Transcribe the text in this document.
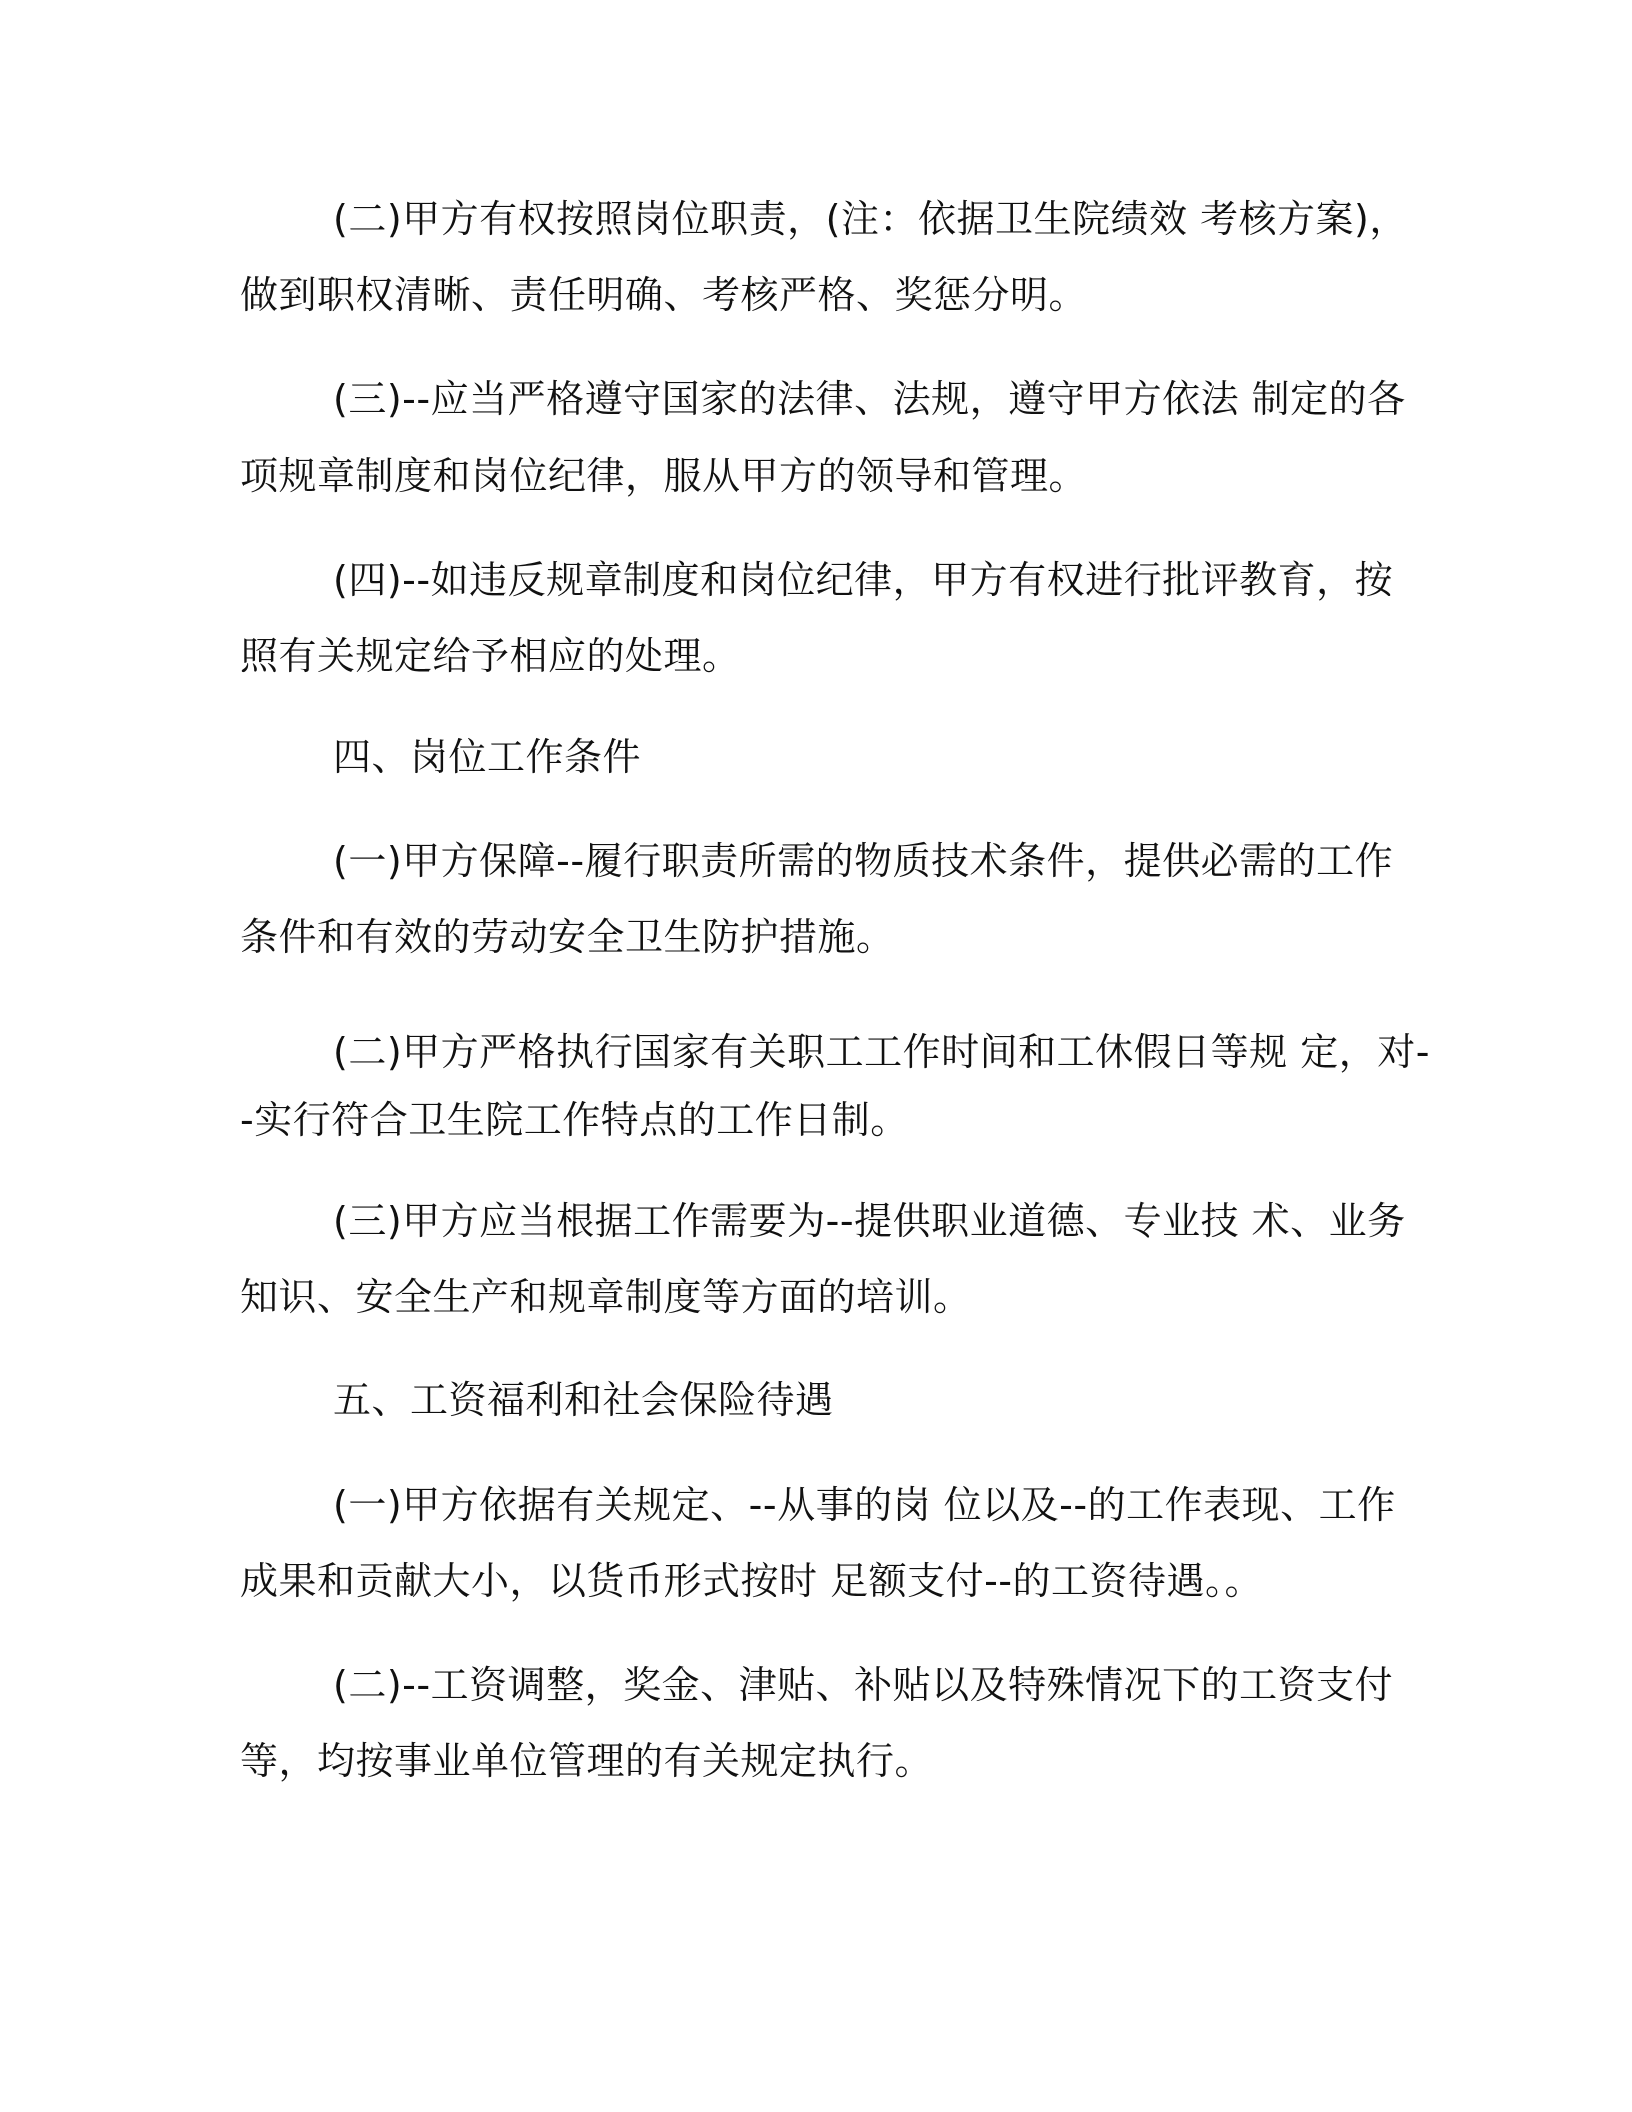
(二)甲方有权按照岗位职责，(注：依据卫生院绩效 考核方案)，
做到职权清晰、责任明确、考核严格、奖惩分明。
(三)--应当严格遵守国家的法律、法规，遵守甲方依法 制定的各
项规章制度和岗位纪律，服从甲方的领导和管理。
(四)--如违反规章制度和岗位纪律，甲方有权进行批评教育，按
照有关规定给予相应的处理。
四、岗位工作条件
(一)甲方保障--履行职责所需的物质技术条件，提供必需的工作
条件和有效的劳动安全卫生防护措施。
(二)甲方严格执行国家有关职工工作时间和工休假日等规 定，对-
-实行符合卫生院工作特点的工作日制。
(三)甲方应当根据工作需要为--提供职业道德、专业技 术、业务
知识、安全生产和规章制度等方面的培训。
五、工资福利和社会保险待遇
(一)甲方依据有关规定、--从事的岗 位以及--的工作表现、工作
成果和贡献大小，以货币形式按时 足额支付--的工资待遇。。
(二)--工资调整，奖金、津贴、补贴以及特殊情况下的工资支付
等，均按事业单位管理的有关规定执行。
